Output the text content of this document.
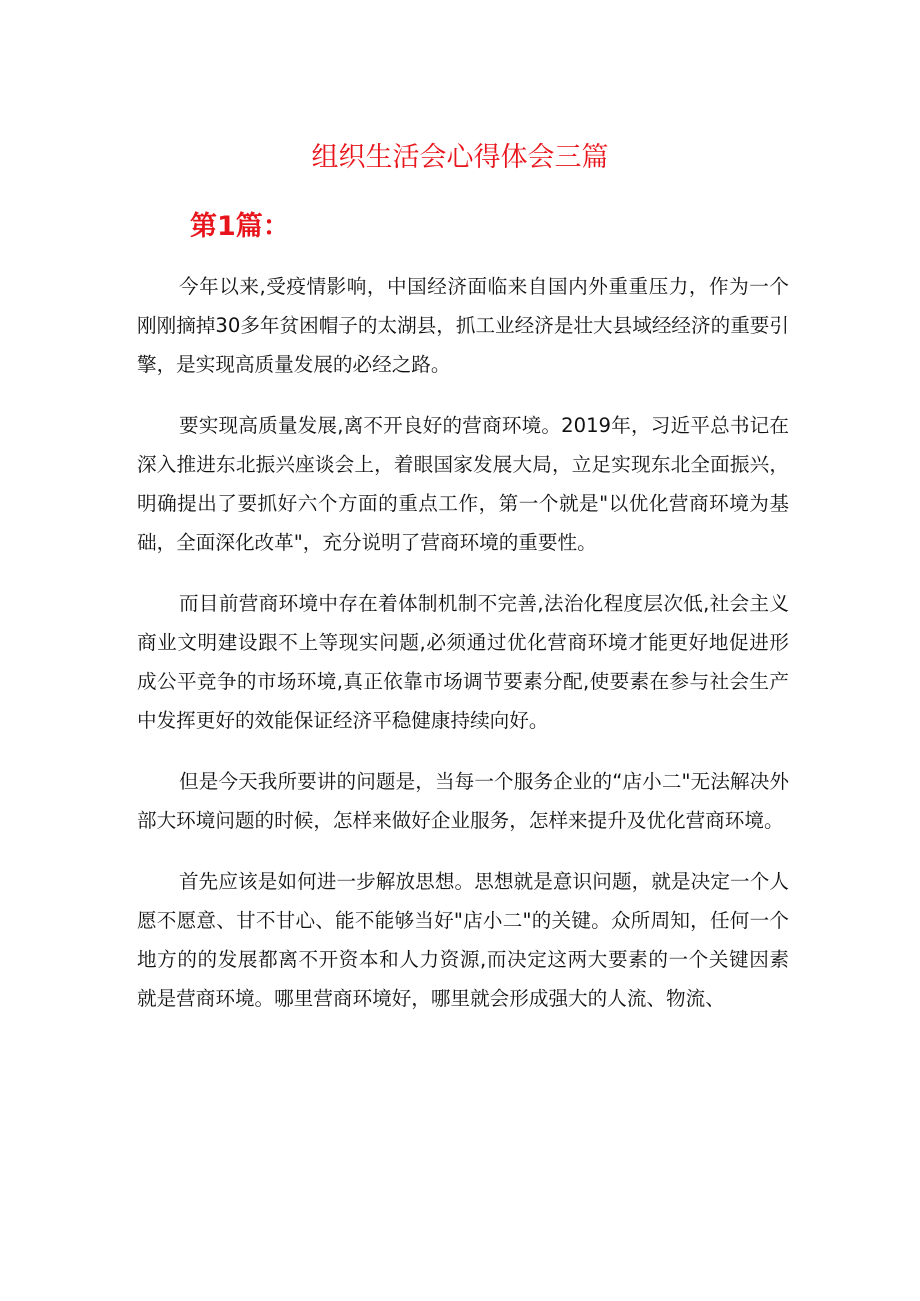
组织生活会心得体会三篇
第1篇：

今年以来,受疫情影响，中国经济面临来自国内外重重压力，作为一个刚刚摘掉30多年贫困帽子的太湖县，抓工业经济是壮大县域经经济的重要引擎，是实现高质量发展的必经之路。

要实现高质量发展,离不开良好的营商环境。2019年，习近平总书记在深入推进东北振兴座谈会上，着眼国家发展大局，立足实现东北全面振兴，明确提出了要抓好六个方面的重点工作，第一个就是"以优化营商环境为基础，全面深化改革"，充分说明了营商环境的重要性。

而目前营商环境中存在着体制机制不完善,法治化程度层次低,社会主义商业文明建设跟不上等现实问题,必须通过优化营商环境才能更好地促进形成公平竞争的市场环境,真正依靠市场调节要素分配,使要素在参与社会生产中发挥更好的效能保证经济平稳健康持续向好。

但是今天我所要讲的问题是，当每一个服务企业的“店小二"无法解决外部大环境问题的时候，怎样来做好企业服务，怎样来提升及优化营商环境。

首先应该是如何进一步解放思想。思想就是意识问题，就是决定一个人愿不愿意、甘不甘心、能不能够当好"店小二"的关键。众所周知，任何一个地方的的发展都离不开资本和人力资源,而决定这两大要素的一个关键因素就是营商环境。哪里营商环境好，哪里就会形成强大的人流、物流、
